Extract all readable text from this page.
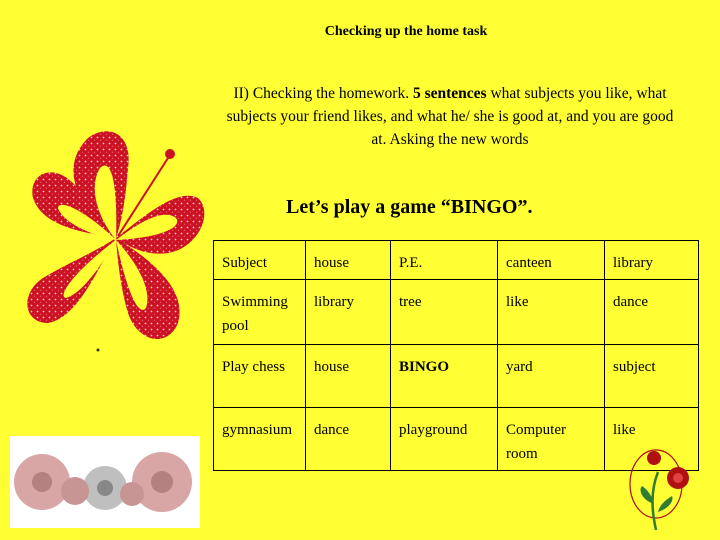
Checking up the home task
II) Checking the homework. 5 sentences what subjects you like, what subjects your friend likes, and what he/ she is good at, and you are good at. Asking the new words
Let’s play a game “BINGO”.
Subject	house	P.E.	canteen	library
Swimming pool	library	tree	like	dance
Play chess	house	BINGO	yard	subject
gymnasium	dance	playground	Computer room	like
